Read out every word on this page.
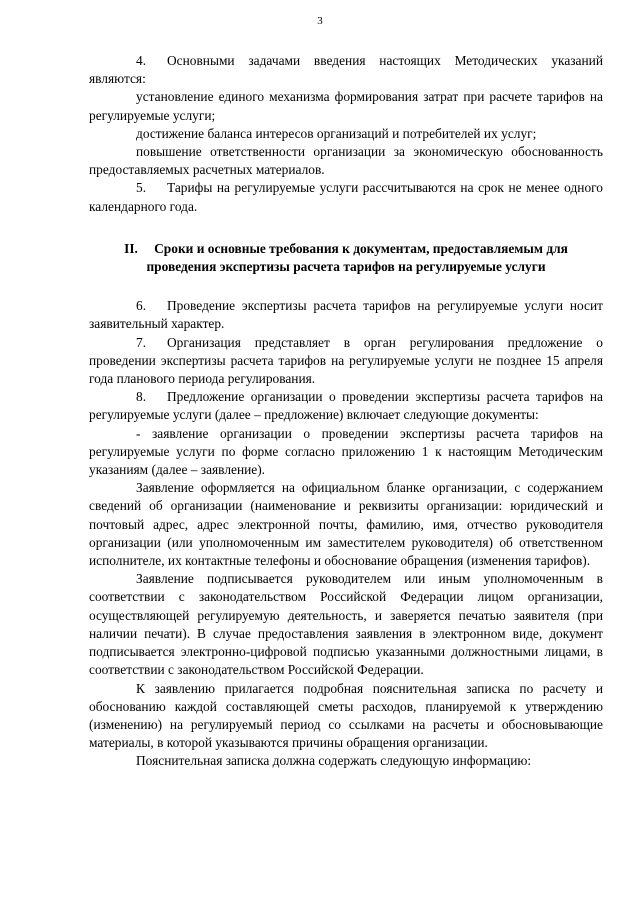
3

4. Основными задачами введения настоящих Методических указаний являются:

установление единого механизма формирования затрат при расчете тарифов на регулируемые услуги;

достижение баланса интересов организаций и потребителей их услуг;

повышение ответственности организации за экономическую обоснованность предоставляемых расчетных материалов.

5. Тарифы на регулируемые услуги рассчитываются на срок не менее одного календарного года.

II. Сроки и основные требования к документам, предоставляемым для проведения экспертизы расчета тарифов на регулируемые услуги

6. Проведение экспертизы расчета тарифов на регулируемые услуги носит заявительный характер.

7. Организация представляет в орган регулирования предложение о проведении экспертизы расчета тарифов на регулируемые услуги не позднее 15 апреля года планового периода регулирования.

8. Предложение организации о проведении экспертизы расчета тарифов на регулируемые услуги (далее – предложение) включает следующие документы:

- заявление организации о проведении экспертизы расчета тарифов на регулируемые услуги по форме согласно приложению 1 к настоящим Методическим указаниям (далее – заявление).

Заявление оформляется на официальном бланке организации, с содержанием сведений об организации (наименование и реквизиты организации: юридический и почтовый адрес, адрес электронной почты, фамилию, имя, отчество руководителя организации (или уполномоченным им заместителем руководителя) об ответственном исполнителе, их контактные телефоны и обоснование обращения (изменения тарифов).

Заявление подписывается руководителем или иным уполномоченным в соответствии с законодательством Российской Федерации лицом организации, осуществляющей регулируемую деятельность, и заверяется печатью заявителя (при наличии печати). В случае предоставления заявления в электронном виде, документ подписывается электронно-цифровой подписью указанными должностными лицами, в соответствии с законодательством Российской Федерации.

К заявлению прилагается подробная пояснительная записка по расчету и обоснованию каждой составляющей сметы расходов, планируемой к утверждению (изменению) на регулируемый период со ссылками на расчеты и обосновывающие материалы, в которой указываются причины обращения организации.

Пояснительная записка должна содержать следующую информацию:
